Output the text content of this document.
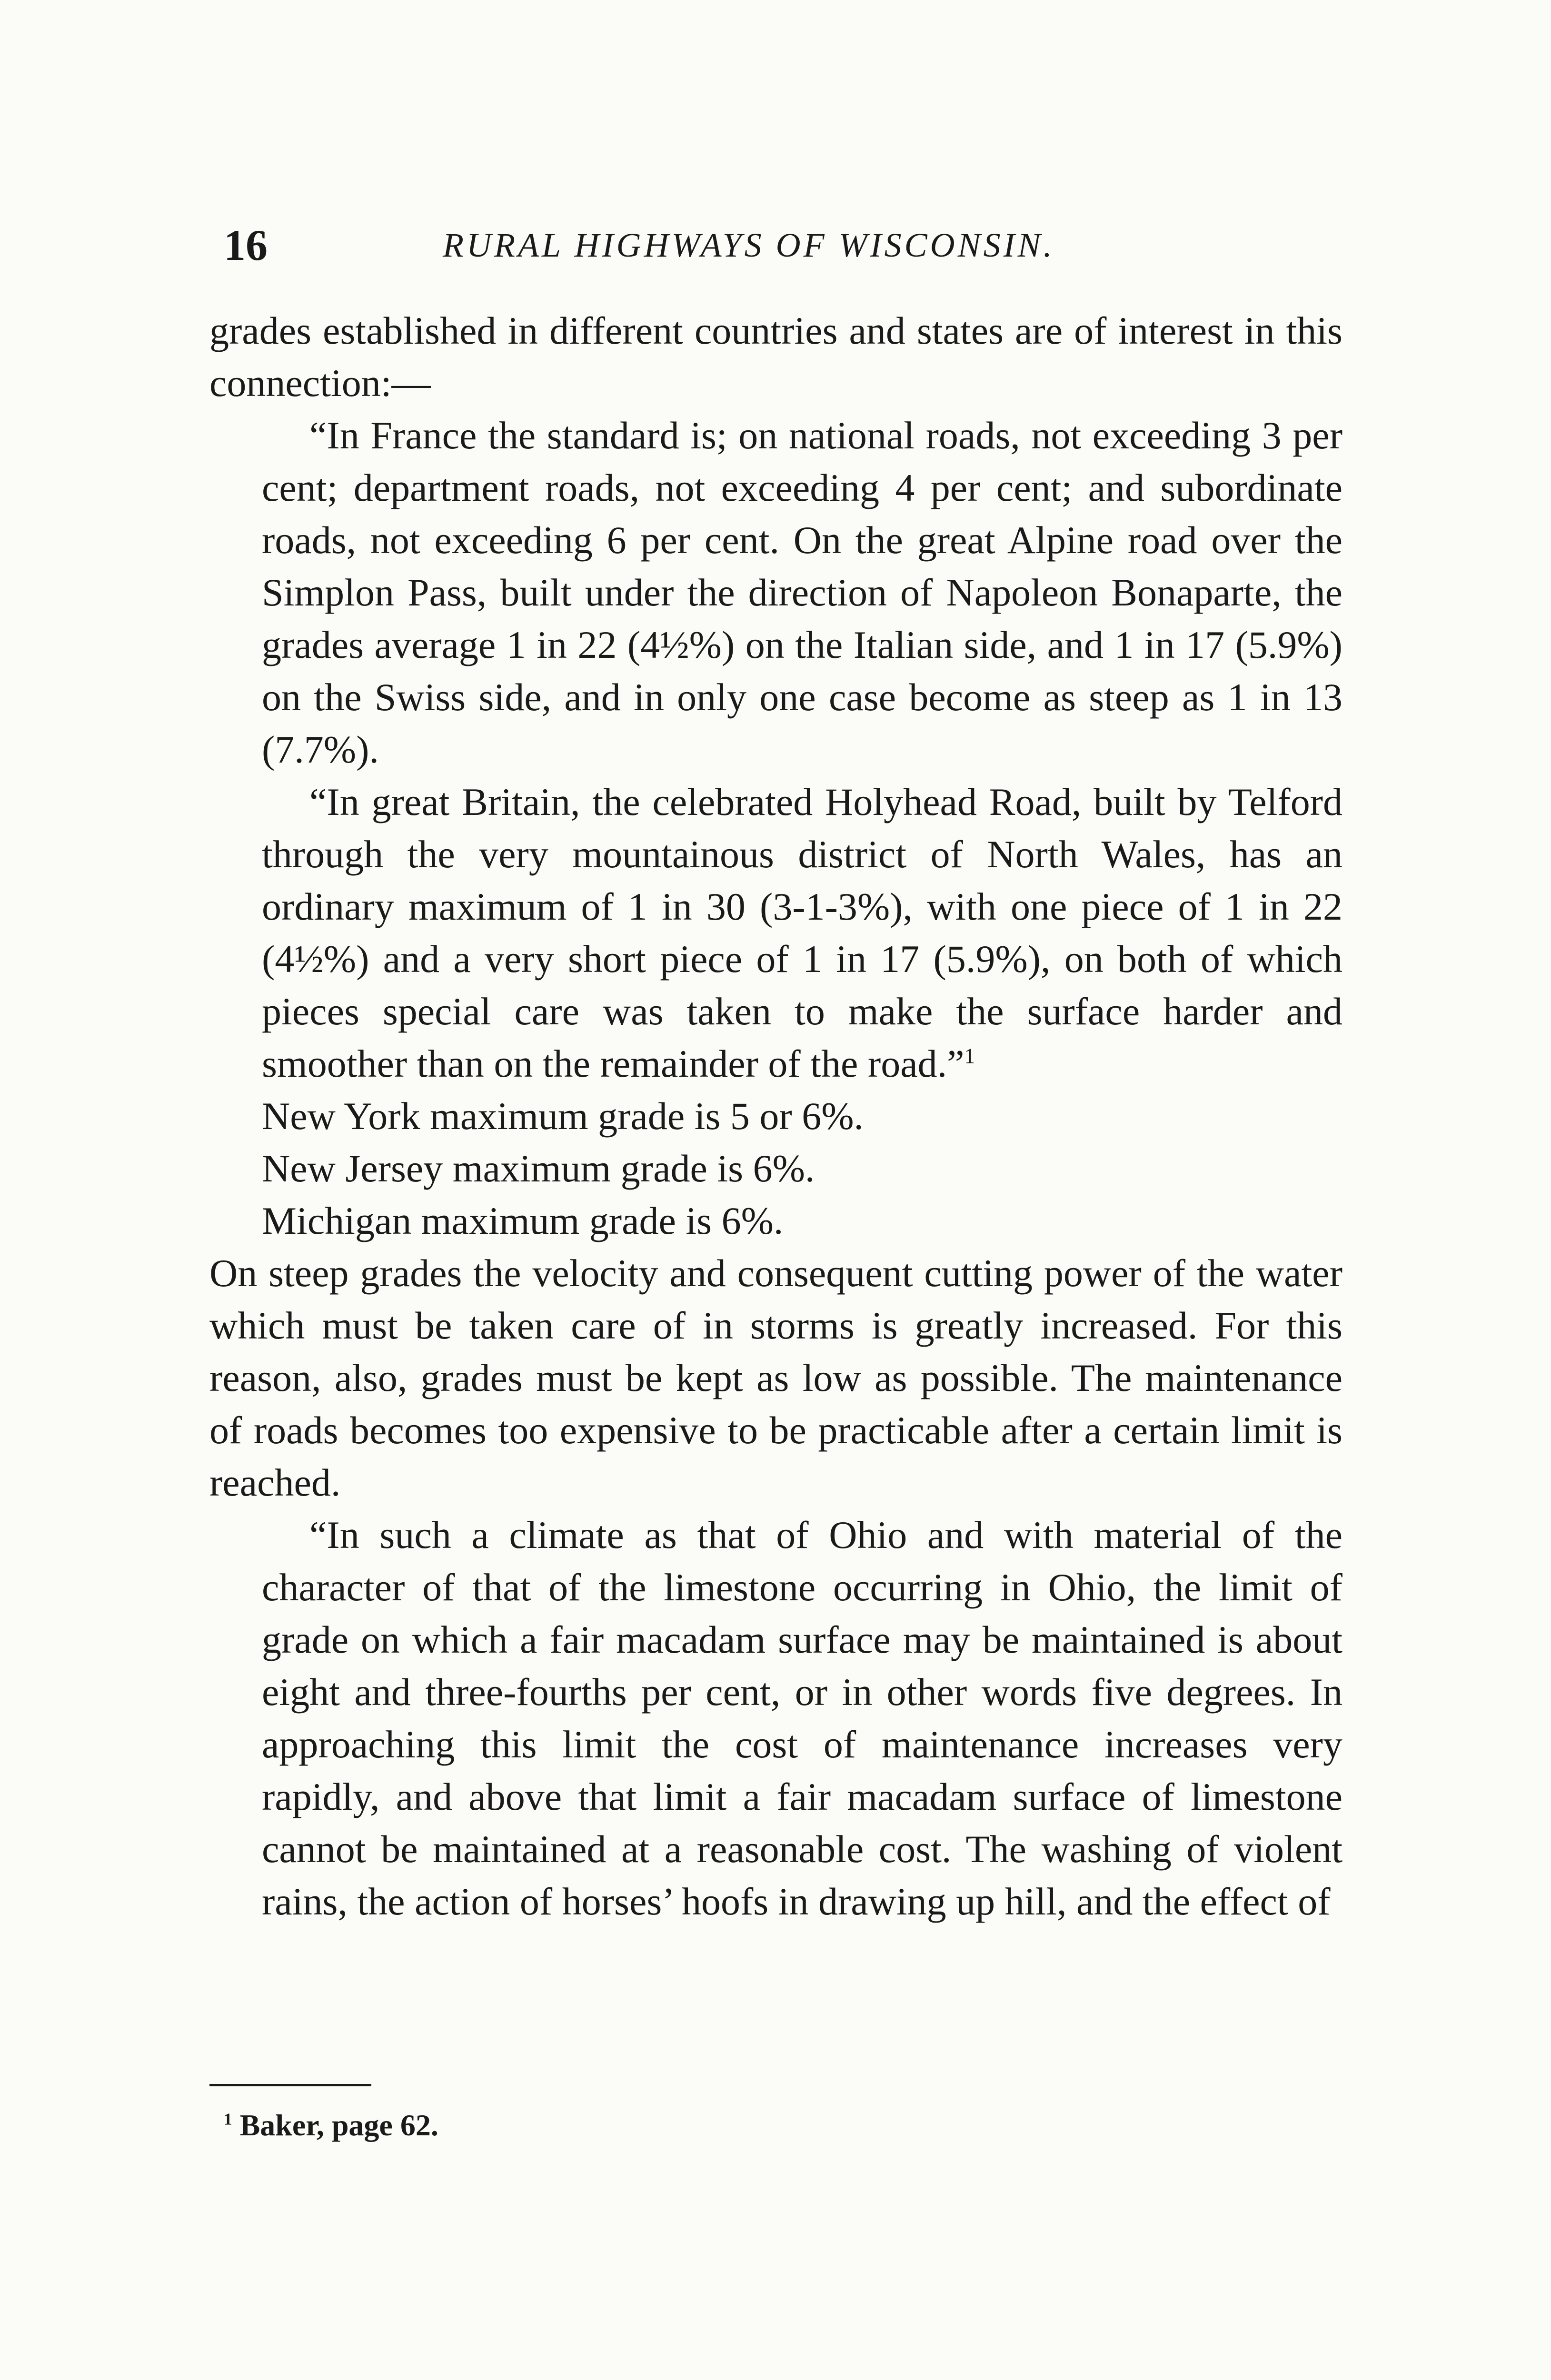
16	RURAL HIGHWAYS OF WISCONSIN.

grades established in different countries and states are of interest in this connection:—

“In France the standard is; on national roads, not exceeding 3 per cent; department roads, not exceeding 4 per cent; and subordinate roads, not exceeding 6 per cent. On the great Alpine road over the Simplon Pass, built under the direction of Napoleon Bonaparte, the grades average 1 in 22 (4½%) on the Italian side, and 1 in 17 (5.9%) on the Swiss side, and in only one case become as steep as 1 in 13 (7.7%).

“In great Britain, the celebrated Holyhead Road, built by Telford through the very mountainous district of North Wales, has an ordinary maximum of 1 in 30 (3-1-3%), with one piece of 1 in 22 (4½%) and a very short piece of 1 in 17 (5.9%), on both of which pieces special care was taken to make the surface harder and smoother than on the remainder of the road.”$^1$

New York maximum grade is 5 or 6%.

New Jersey maximum grade is 6%.

Michigan maximum grade is 6%.

On steep grades the velocity and consequent cutting power of the water which must be taken care of in storms is greatly increased. For this reason, also, grades must be kept as low as possible. The maintenance of roads becomes too expensive to be practicable after a certain limit is reached.

“In such a climate as that of Ohio and with material of the character of that of the limestone occurring in Ohio, the limit of grade on which a fair macadam surface may be maintained is about eight and three-fourths per cent, or in other words five degrees. In approaching this limit the cost of maintenance increases very rapidly, and above that limit a fair macadam surface of limestone cannot be maintained at a reasonable cost. The washing of violent rains, the action of horses’ hoofs in drawing up hill, and the effect of

$^1$ Baker, page 62.
